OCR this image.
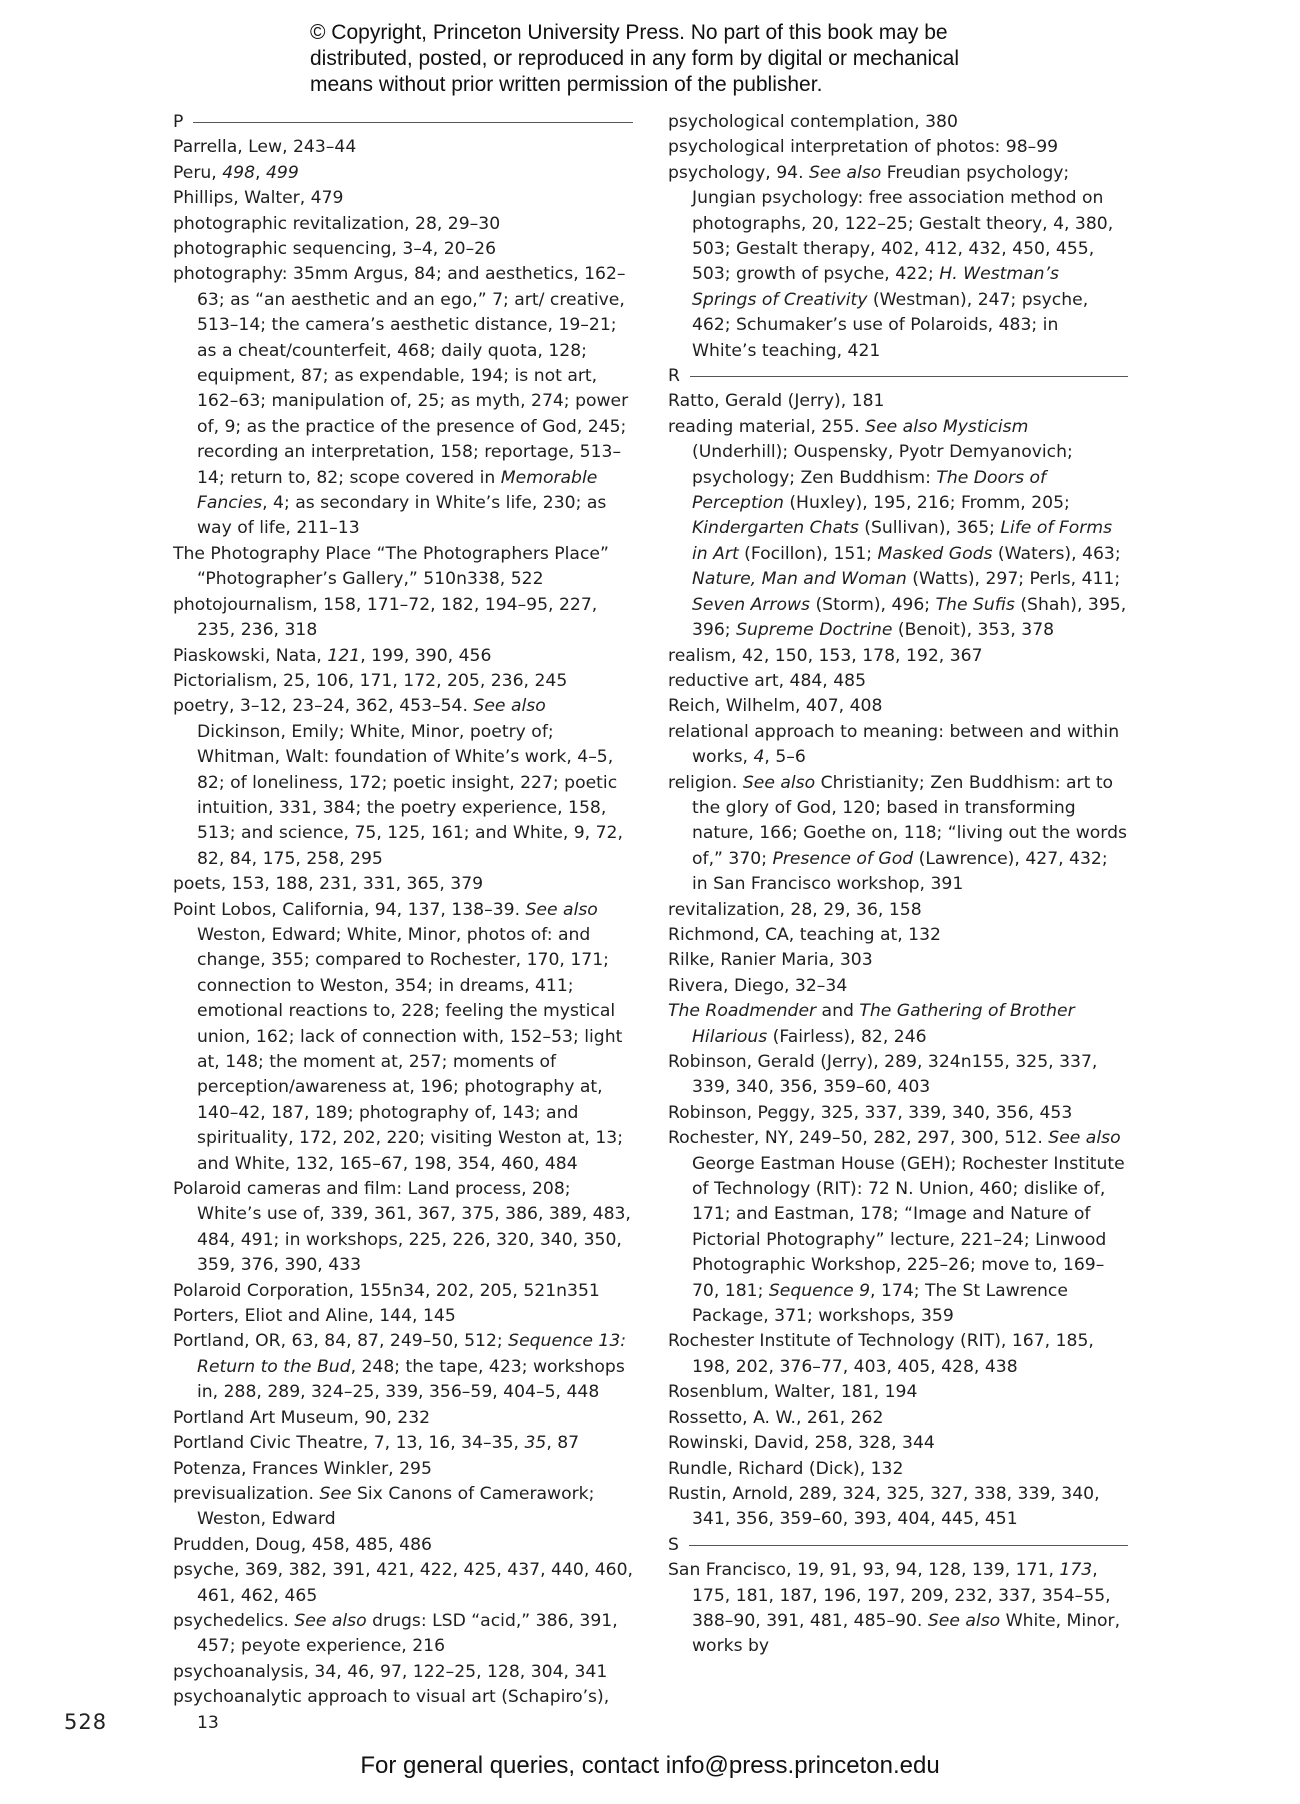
© Copyright, Princeton University Press. No part of this book may be
distributed, posted, or reproduced in any form by digital or mechanical
means without prior written permission of the publisher.
P

Parrella, Lew, 243–44

Peru, 498, 499

Phillips, Walter, 479

photographic revitalization, 28, 29–30

photographic sequencing, 3–4, 20–26

photography: 35mm Argus, 84; and aesthetics, 162–63; as “an aesthetic and an ego,” 7; art/ creative, 513–14; the camera’s aesthetic distance, 19–21; as a cheat/counterfeit, 468; daily quota, 128; equipment, 87; as expendable, 194; is not art, 162–63; manipulation of, 25; as myth, 274; power of, 9; as the practice of the presence of God, 245; recording an interpretation, 158; reportage, 513–14; return to, 82; scope covered in Memorable Fancies, 4; as secondary in White’s life, 230; as way of life, 211–13

The Photography Place “The Photographers Place” “Photographer’s Gallery,” 510n338, 522

photojournalism, 158, 171–72, 182, 194–95, 227, 235, 236, 318

Piaskowski, Nata, 121, 199, 390, 456

Pictorialism, 25, 106, 171, 172, 205, 236, 245

poetry, 3–12, 23–24, 362, 453–54. See also Dickinson, Emily; White, Minor, poetry of; Whitman, Walt: foundation of White’s work, 4–5, 82; of loneliness, 172; poetic insight, 227; poetic intuition, 331, 384; the poetry experience, 158, 513; and science, 75, 125, 161; and White, 9, 72, 82, 84, 175, 258, 295

poets, 153, 188, 231, 331, 365, 379

Point Lobos, California, 94, 137, 138–39. See also Weston, Edward; White, Minor, photos of: and change, 355; compared to Rochester, 170, 171; connection to Weston, 354; in dreams, 411; emotional reactions to, 228; feeling the mystical union, 162; lack of connection with, 152–53; light at, 148; the moment at, 257; moments of perception/awareness at, 196; photography at, 140–42, 187, 189; photography of, 143; and spirituality, 172, 202, 220; visiting Weston at, 13; and White, 132, 165–67, 198, 354, 460, 484

Polaroid cameras and film: Land process, 208; White’s use of, 339, 361, 367, 375, 386, 389, 483, 484, 491; in workshops, 225, 226, 320, 340, 350, 359, 376, 390, 433

Polaroid Corporation, 155n34, 202, 205, 521n351

Porters, Eliot and Aline, 144, 145

Portland, OR, 63, 84, 87, 249–50, 512; Sequence 13: Return to the Bud, 248; the tape, 423; workshops in, 288, 289, 324–25, 339, 356–59, 404–5, 448

Portland Art Museum, 90, 232

Portland Civic Theatre, 7, 13, 16, 34–35, 35, 87

Potenza, Frances Winkler, 295

previsualization. See Six Canons of Camerawork; Weston, Edward

Prudden, Doug, 458, 485, 486

psyche, 369, 382, 391, 421, 422, 425, 437, 440, 460, 461, 462, 465

psychedelics. See also drugs: LSD “acid,” 386, 391, 457; peyote experience, 216

psychoanalysis, 34, 46, 97, 122–25, 128, 304, 341

psychoanalytic approach to visual art (Schapiro’s), 13

psychological contemplation, 380

psychological interpretation of photos: 98–99

psychology, 94. See also Freudian psychology; Jungian psychology: free association method on photographs, 20, 122–25; Gestalt theory, 4, 380, 503; Gestalt therapy, 402, 412, 432, 450, 455, 503; growth of psyche, 422; H. Westman’s Springs of Creativity (Westman), 247; psyche, 462; Schumaker’s use of Polaroids, 483; in White’s teaching, 421

R

Ratto, Gerald (Jerry), 181

reading material, 255. See also Mysticism (Underhill); Ouspensky, Pyotr Demyanovich; psychology; Zen Buddhism: The Doors of Perception (Huxley), 195, 216; Fromm, 205; Kindergarten Chats (Sullivan), 365; Life of Forms in Art (Focillon), 151; Masked Gods (Waters), 463; Nature, Man and Woman (Watts), 297; Perls, 411; Seven Arrows (Storm), 496; The Sufis (Shah), 395, 396; Supreme Doctrine (Benoit), 353, 378

realism, 42, 150, 153, 178, 192, 367

reductive art, 484, 485

Reich, Wilhelm, 407, 408

relational approach to meaning: between and within works, 4, 5–6

religion. See also Christianity; Zen Buddhism: art to the glory of God, 120; based in transforming nature, 166; Goethe on, 118; “living out the words of,” 370; Presence of God (Lawrence), 427, 432; in San Francisco workshop, 391

revitalization, 28, 29, 36, 158

Richmond, CA, teaching at, 132

Rilke, Ranier Maria, 303

Rivera, Diego, 32–34

The Roadmender and The Gathering of Brother Hilarious (Fairless), 82, 246

Robinson, Gerald (Jerry), 289, 324n155, 325, 337, 339, 340, 356, 359–60, 403

Robinson, Peggy, 325, 337, 339, 340, 356, 453

Rochester, NY, 249–50, 282, 297, 300, 512. See also George Eastman House (GEH); Rochester Institute of Technology (RIT): 72 N. Union, 460; dislike of, 171; and Eastman, 178; “Image and Nature of Pictorial Photography” lecture, 221–24; Linwood Photographic Workshop, 225–26; move to, 169–70, 181; Sequence 9, 174; The St Lawrence Package, 371; workshops, 359

Rochester Institute of Technology (RIT), 167, 185, 198, 202, 376–77, 403, 405, 428, 438

Rosenblum, Walter, 181, 194

Rossetto, A. W., 261, 262

Rowinski, David, 258, 328, 344

Rundle, Richard (Dick), 132

Rustin, Arnold, 289, 324, 325, 327, 338, 339, 340, 341, 356, 359–60, 393, 404, 445, 451

S

San Francisco, 19, 91, 93, 94, 128, 139, 171, 173, 175, 181, 187, 196, 197, 209, 232, 337, 354–55, 388–90, 391, 481, 485–90. See also White, Minor, works by

528
For general queries, contact info@press.princeton.edu
